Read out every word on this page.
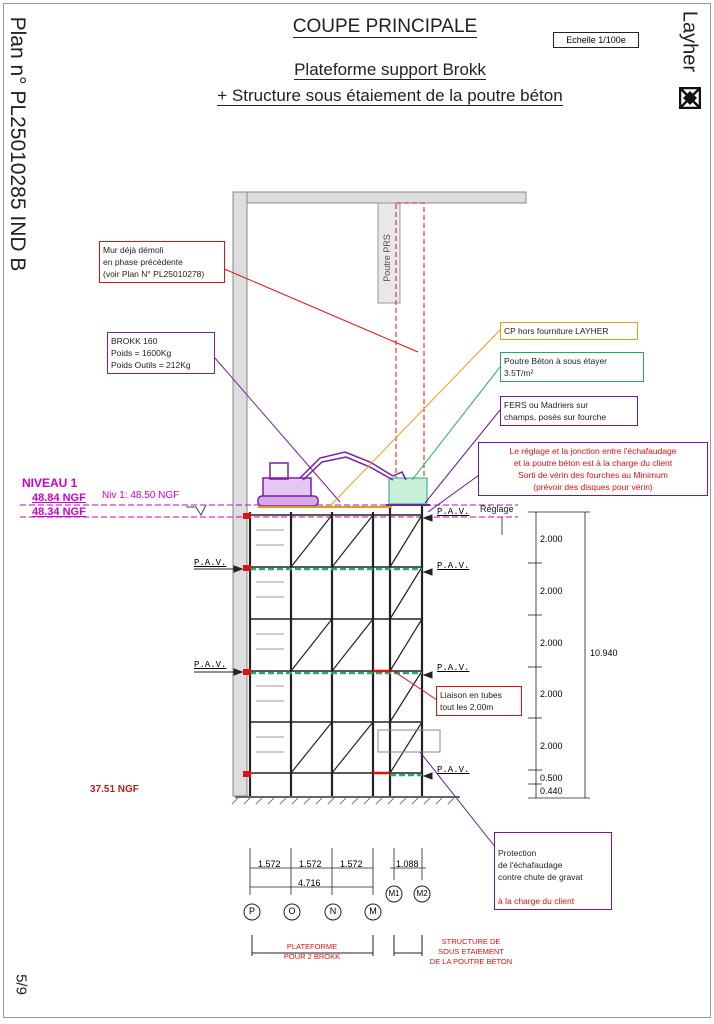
Plan n° PL25010285 IND B	Layher
5/9
COUPE PRINCIPALE
Echelle 1/100e
Plateforme support Brokk
+ Structure sous étaiement de la poutre béton
Poutre PRS
Mur déjà démoli
en phase précédente
(voir Plan N° PL25010278)
BROKK 160
Poids = 1600Kg
Poids Outils = 212Kg
CP hors fourniture LAYHER
Poutre Béton à sous étayer
3.5T/m²
FERS ou Madriers sur
champs, posés sur fourche
Le réglage et la jonction entre l'échafaudage
et la poutre béton est à la charge du client
Sorti de vérin des fourches au Minimum
(prévoir des disques pour vérin)
Liaison en tubes
tout les 2.00m

Protection
de l'échafaudage
contre chute de gravat

à la charge du client

NIVEAU 1
48.84 NGF
48.34 NGF
Niv 1: 48.50 NGF
37.51 NGF
Réglage
P.A.V.
P.A.V.
P.A.V.
P.A.V.
P.A.V.
P.A.V.
2.000
2.000
2.000
2.000
2.000
0.500
0.440
10.940
1.572 1.572 1.572
4.716
1.088
P	O	N	M
M1	M2
PLATEFORME
POUR 2 BROKK
STRUCTURE DE
SOUS ETAIEMENT
DE LA POUTRE BETON
